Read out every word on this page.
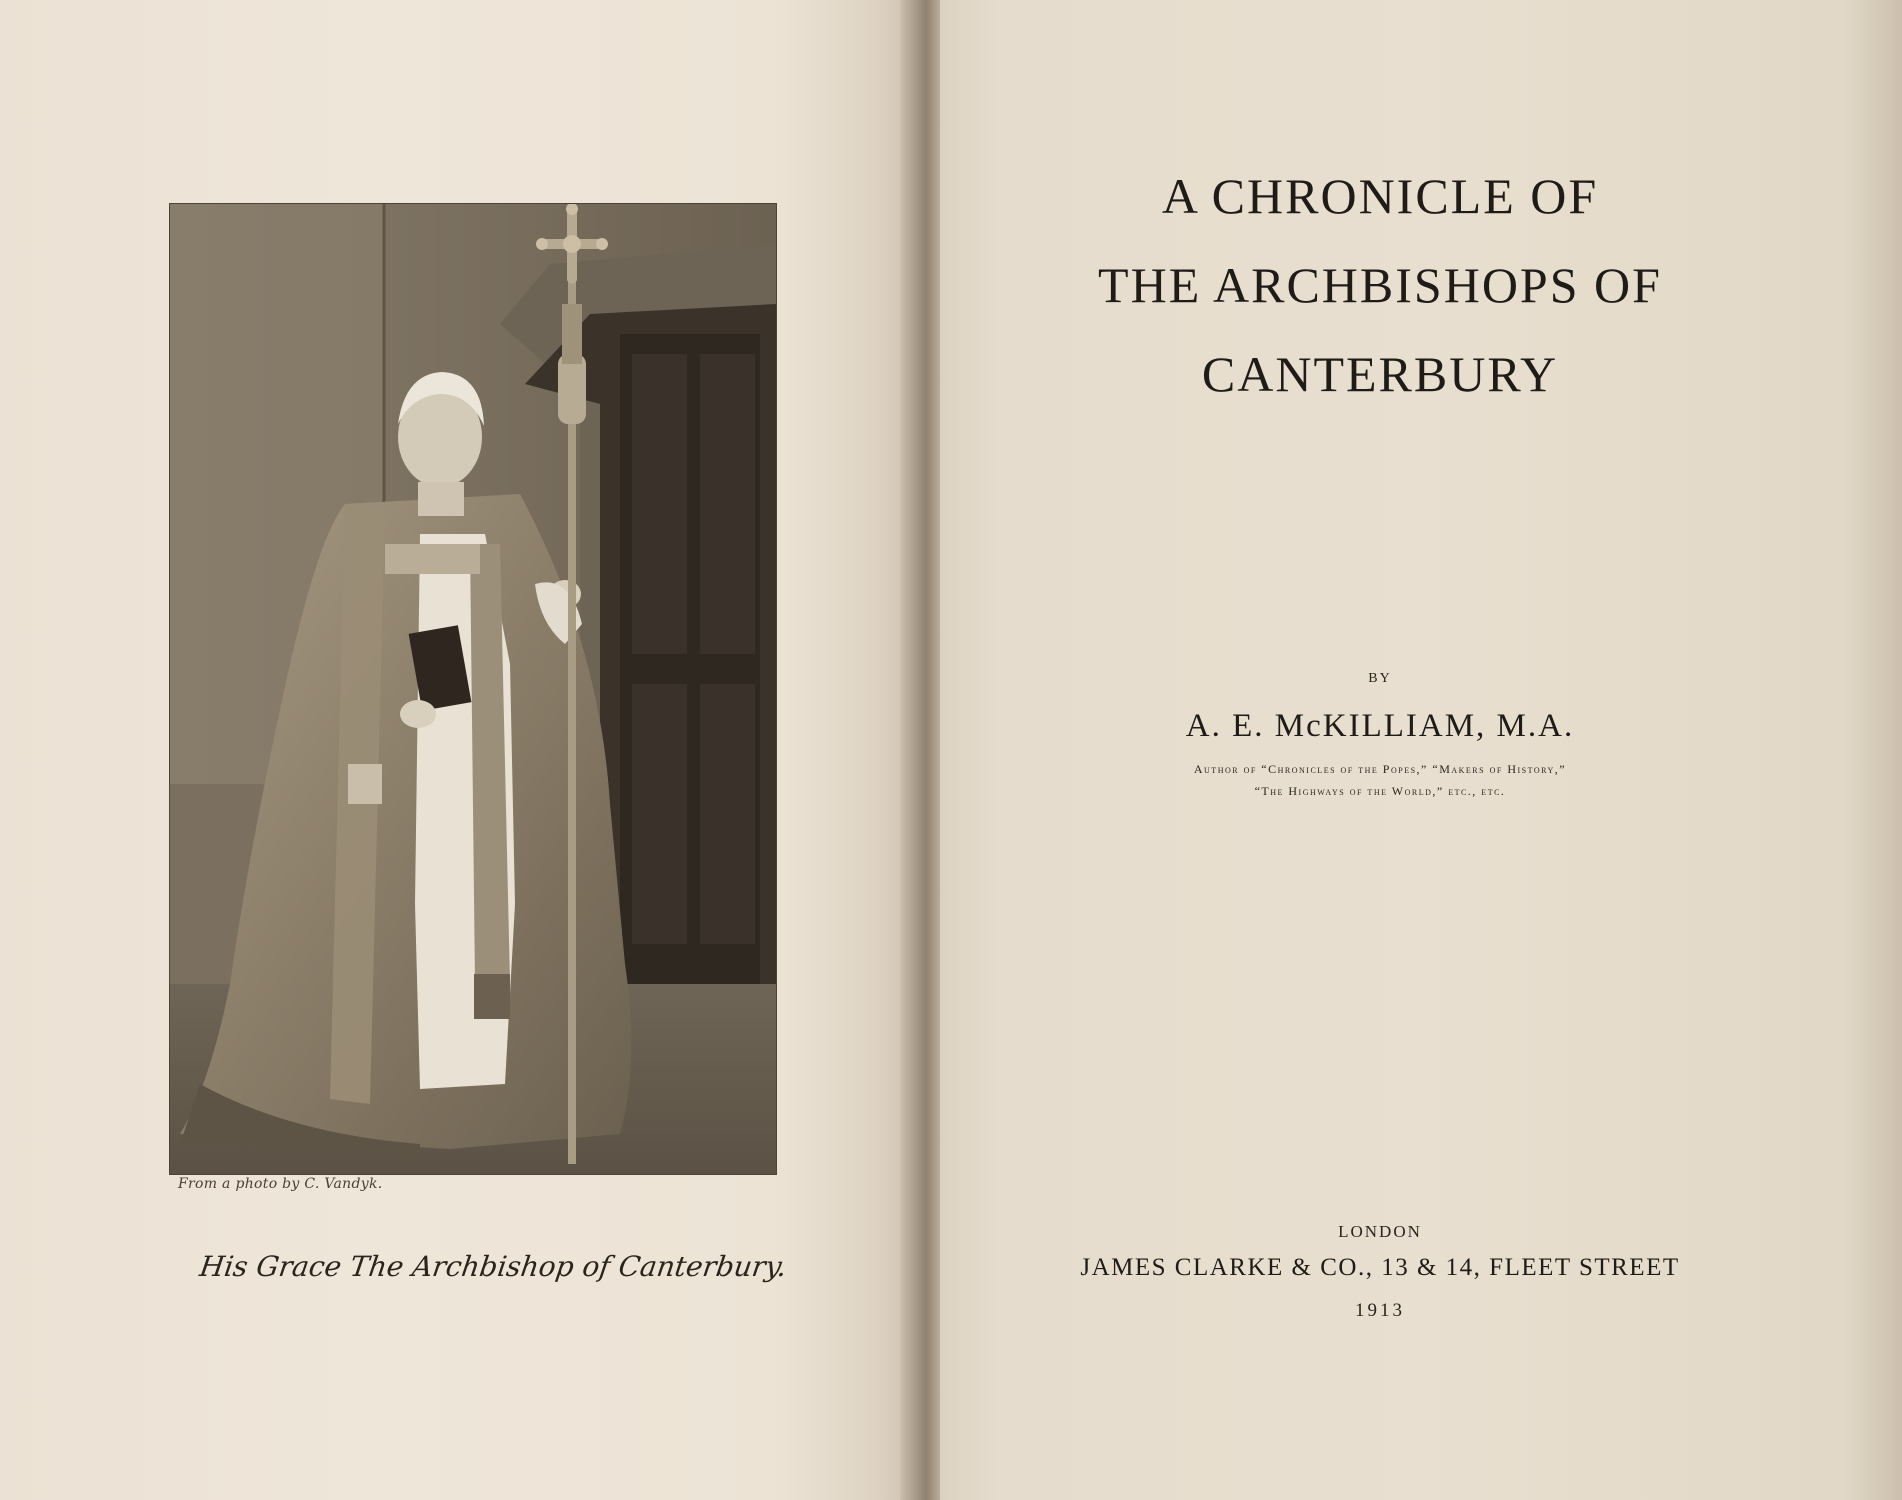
From a photo by C. Vandyk.
His Grace The Archbishop of Canterbury.
A CHRONICLE OF
THE ARCHBISHOPS OF
CANTERBURY
BY
A. E. McKILLIAM, M.A.
Author of “Chronicles of the Popes,” “Makers of History,”
“The Highways of the World,” etc., etc.
LONDON
JAMES CLARKE & CO., 13 & 14, FLEET STREET
1913
